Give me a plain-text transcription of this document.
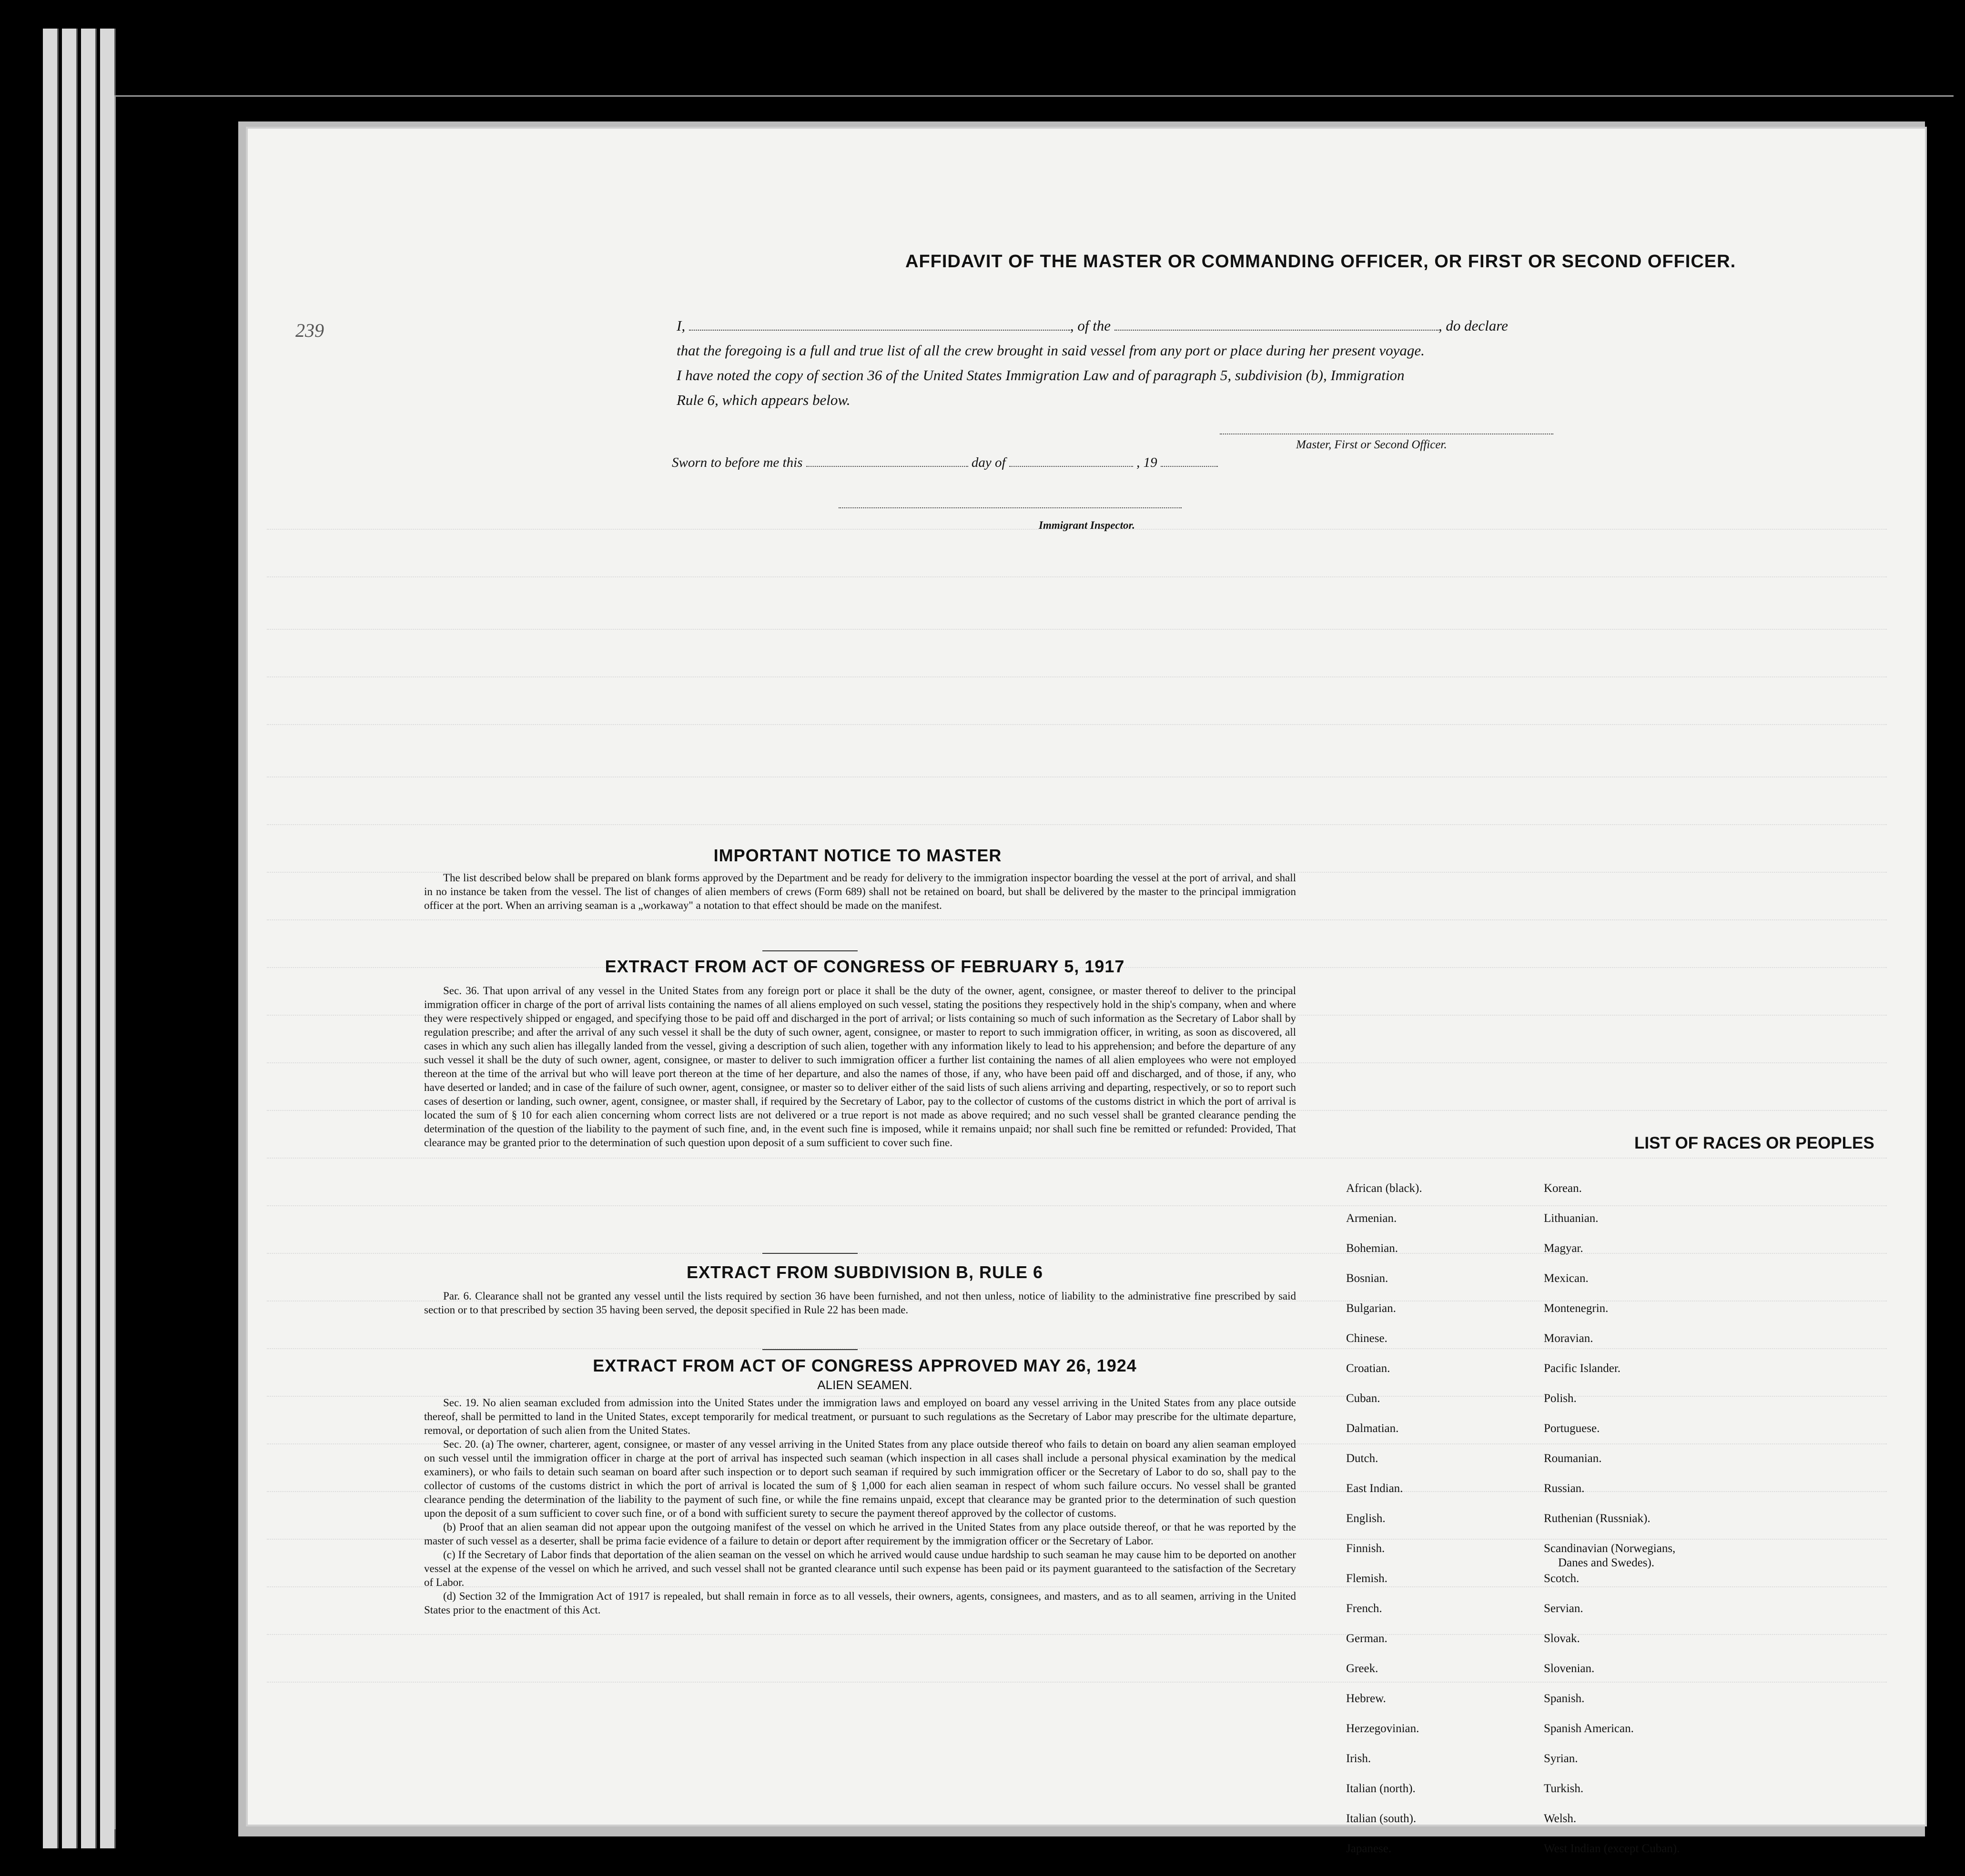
239
AFFIDAVIT OF THE MASTER OR COMMANDING OFFICER, OR FIRST OR SECOND OFFICER.
I,	, of the	, do declare
that the foregoing is a full and true list of all the crew brought in said vessel from any port or place during her present voyage.
I have noted the copy of section 36 of the United States Immigration Law and of paragraph 5, subdivision (b), Immigration
Rule 6, which appears below.
Master, First or Second Officer.
Sworn to before me this	day of	, 19
Immigrant Inspector.
IMPORTANT NOTICE TO MASTER

The list described below shall be prepared on blank forms approved by the Department and be ready for delivery to the immigration inspector boarding the vessel at the port of arrival, and shall in no instance be taken from the vessel. The list of changes of alien members of crews (Form 689) shall not be retained on board, but shall be delivered by the master to the principal immigration officer at the port. When an arriving seaman is a „workaway" a notation to that effect should be made on the manifest.

EXTRACT FROM ACT OF CONGRESS OF FEBRUARY 5, 1917

Sec. 36. That upon arrival of any vessel in the United States from any foreign port or place it shall be the duty of the owner, agent, consignee, or master thereof to deliver to the principal immigration officer in charge of the port of arrival lists containing the names of all aliens employed on such vessel, stating the positions they respectively hold in the ship's company, when and where they were respectively shipped or engaged, and specifying those to be paid off and discharged in the port of arrival; or lists containing so much of such information as the Secretary of Labor shall by regulation prescribe; and after the arrival of any such vessel it shall be the duty of such owner, agent, consignee, or master to report to such immigration officer, in writing, as soon as discovered, all cases in which any such alien has illegally landed from the vessel, giving a description of such alien, together with any information likely to lead to his apprehension; and before the departure of any such vessel it shall be the duty of such owner, agent, consignee, or master to deliver to such immigration officer a further list containing the names of all alien employees who were not employed thereon at the time of the arrival but who will leave port thereon at the time of her departure, and also the names of those, if any, who have been paid off and discharged, and of those, if any, who have deserted or landed; and in case of the failure of such owner, agent, consignee, or master so to deliver either of the said lists of such aliens arriving and departing, respectively, or so to report such cases of desertion or landing, such owner, agent, consignee, or master shall, if required by the Secretary of Labor, pay to the collector of customs of the customs district in which the port of arrival is located the sum of § 10 for each alien concerning whom correct lists are not delivered or a true report is not made as above required; and no such vessel shall be granted clearance pending the determination of the question of the liability to the payment of such fine, and, in the event such fine is imposed, while it remains unpaid; nor shall such fine be remitted or refunded: Provided, That clearance may be granted prior to the determination of such question upon deposit of a sum sufficient to cover such fine.

EXTRACT FROM SUBDIVISION B, RULE 6

Par. 6. Clearance shall not be granted any vessel until the lists required by section 36 have been furnished, and not then unless, notice of liability to the administrative fine prescribed by said section or to that prescribed by section 35 having been served, the deposit specified in Rule 22 has been made.

EXTRACT FROM ACT OF CONGRESS APPROVED MAY 26, 1924
ALIEN SEAMEN.

Sec. 19. No alien seaman excluded from admission into the United States under the immigration laws and employed on board any vessel arriving in the United States from any place outside thereof, shall be permitted to land in the United States, except temporarily for medical treatment, or pursuant to such regulations as the Secretary of Labor may prescribe for the ultimate departure, removal, or deportation of such alien from the United States.

Sec. 20. (a) The owner, charterer, agent, consignee, or master of any vessel arriving in the United States from any place outside thereof who fails to detain on board any alien seaman employed on such vessel until the immigration officer in charge at the port of arrival has inspected such seaman (which inspection in all cases shall include a personal physical examination by the medical examiners), or who fails to detain such seaman on board after such inspection or to deport such seaman if required by such immigration officer or the Secretary of Labor to do so, shall pay to the collector of customs of the customs district in which the port of arrival is located the sum of § 1,000 for each alien seaman in respect of whom such failure occurs. No vessel shall be granted clearance pending the determination of the liability to the payment of such fine, or while the fine remains unpaid, except that clearance may be granted prior to the determination of such question upon the deposit of a sum sufficient to cover such fine, or of a bond with sufficient surety to secure the payment thereof approved by the collector of customs.

(b) Proof that an alien seaman did not appear upon the outgoing manifest of the vessel on which he arrived in the United States from any place outside thereof, or that he was reported by the master of such vessel as a deserter, shall be prima facie evidence of a failure to detain or deport after requirement by the immigration officer or the Secretary of Labor.

(c) If the Secretary of Labor finds that deportation of the alien seaman on the vessel on which he arrived would cause undue hardship to such seaman he may cause him to be deported on another vessel at the expense of the vessel on which he arrived, and such vessel shall not be granted clearance until such expense has been paid or its payment guaranteed to the satisfaction of the Secretary of Labor.

(d) Section 32 of the Immigration Act of 1917 is repealed, but shall remain in force as to all vessels, their owners, agents, consignees, and masters, and as to all seamen, arriving in the United States prior to the enactment of this Act.

LIST OF RACES OR PEOPLES
African (black).
Armenian.
Bohemian.
Bosnian.
Bulgarian.
Chinese.
Croatian.
Cuban.
Dalmatian.
Dutch.
East Indian.
English.
Finnish.
Flemish.
French.
German.
Greek.
Hebrew.
Herzegovinian.
Irish.
Italian (north).
Italian (south).
Japanese.
Korean.
Lithuanian.
Magyar.
Mexican.
Montenegrin.
Moravian.
Pacific Islander.
Polish.
Portuguese.
Roumanian.
Russian.
Ruthenian (Russniak).
Scandinavian (Norwegians,
Danes and Swedes).
Scotch.
Servian.
Slovak.
Slovenian.
Spanish.
Spanish American.
Syrian.
Turkish.
Welsh.
West Indian (except Cuban).
